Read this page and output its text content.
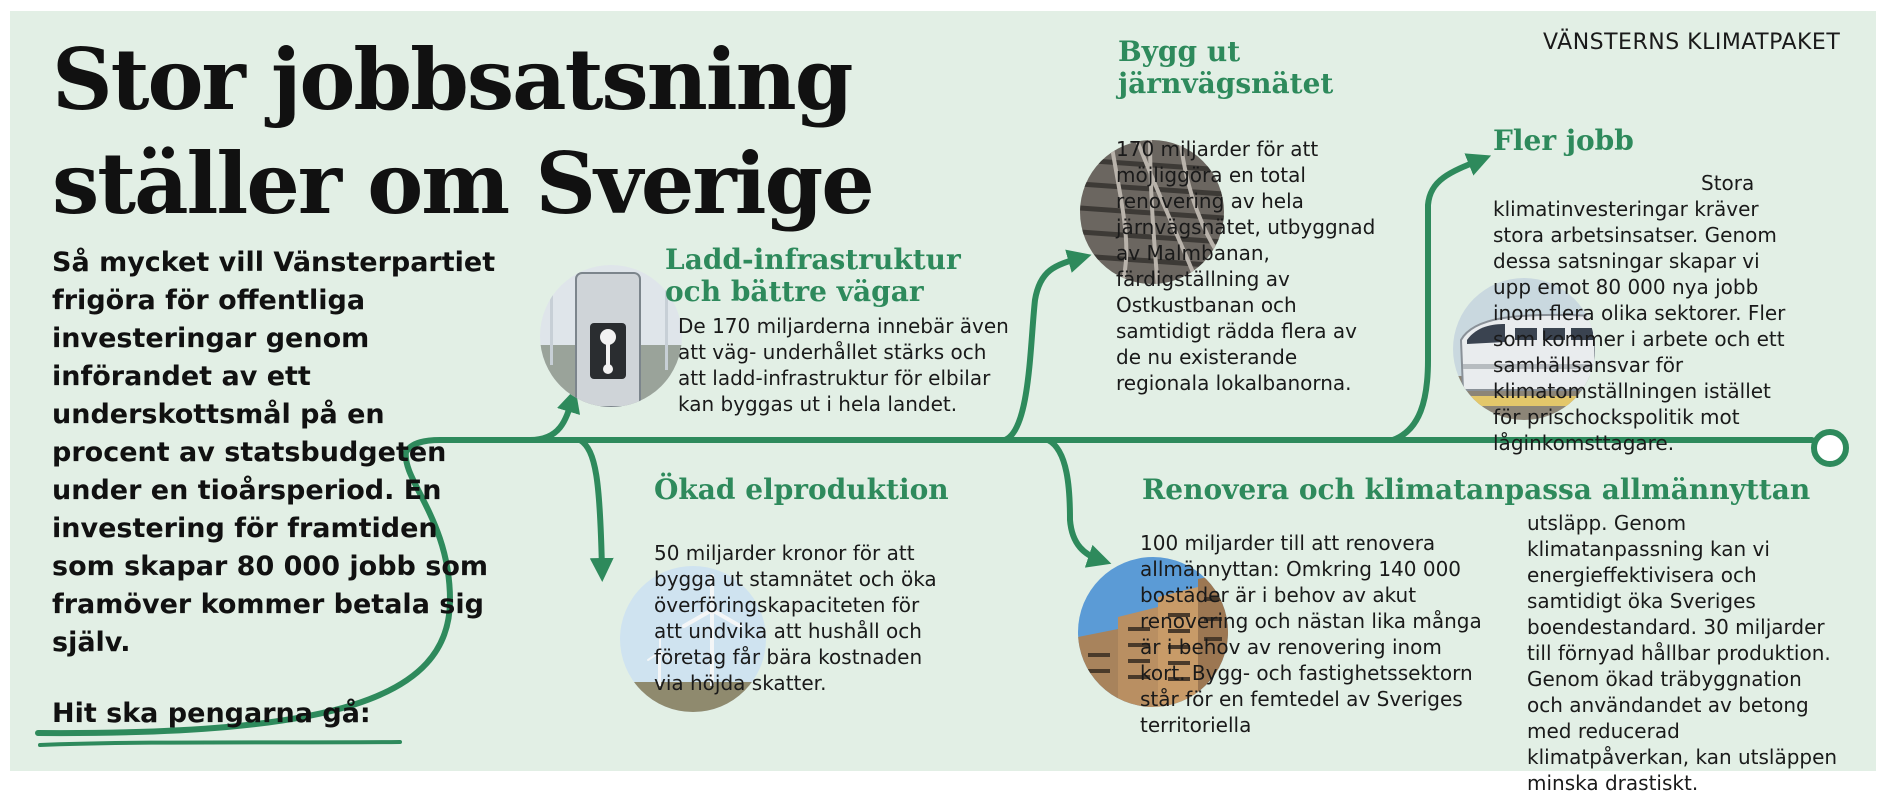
VÄNSTERNS KLIMATPAKET
Stor jobbsatsning
ställer om Sverige
Så mycket vill Vänsterpartiet frigöra för offentliga investeringar genom införandet av ett underskottsmål på en procent av statsbudgeten under en tioårsperiod. En investering för framtiden som skapar 80 000 jobb som framöver kommer betala sig själv.
Hit ska pengarna gå:
Ladd-infrastruktur och bättre vägar
De 170 miljarderna innebär även att väg- underhållet stärks och att ladd-infrastruktur för elbilar kan byggas ut i hela landet.
Bygg ut järnvägsnätet

170 miljarder för att möjliggöra en total renovering av hela järnvägsnätet, utbyggnad av Malmbanan, färdigställning av Ostkustbanan och samtidigt rädda flera av de nu existerande regionala lokalbanorna.

Fler jobb

Stora klimatinvesteringar kräver stora arbetsinsatser. Genom dessa satsningar skapar vi upp emot 80 000 nya jobb inom flera olika sektorer. Fler som kommer i arbete och ett samhällsansvar för klimatomställningen istället för prischockspolitik mot låginkomsttagare.

Ökad elproduktion

50 miljarder kronor för att bygga ut stamnätet och öka överföringskapaciteten för att undvika att hushåll och företag får bära kostnaden via höjda skatter.

Renovera och klimatanpassa allmännyttan

100 miljarder till att renovera allmännyttan: Omkring 140 000 bostäder är i behov av akut renovering och nästan lika många är i behov av renovering inom kort. Bygg- och fastighetssektorn står för en femtedel av Sveriges territoriella

utsläpp. Genom klimatanpassning kan vi energieffektivisera och samtidigt öka Sveriges boendestandard. 30 miljarder till förnyad hållbar produktion. Genom ökad träbyggnation och användandet av betong med reducerad klimatpåverkan, kan utsläppen minska drastiskt.
